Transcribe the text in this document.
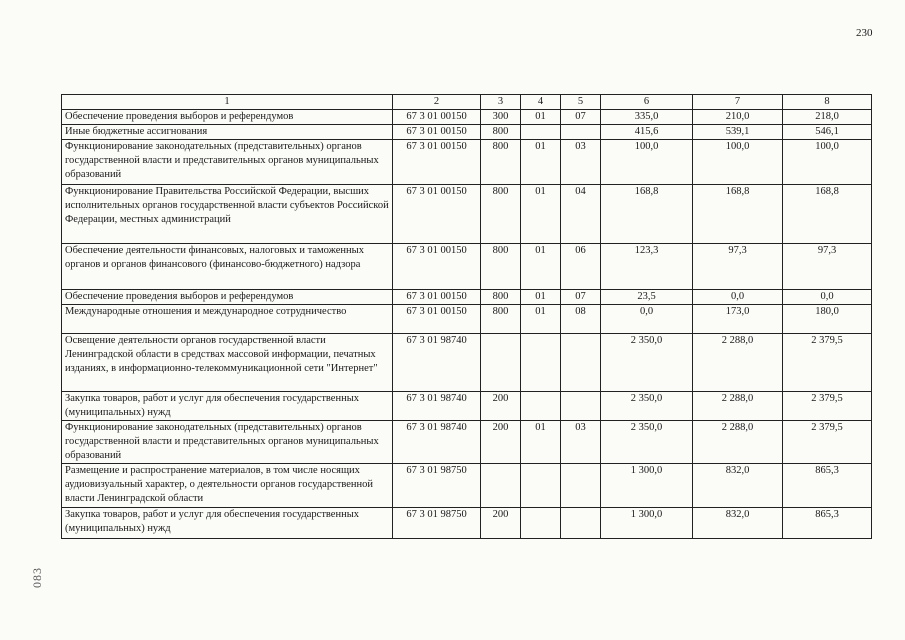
230
083
1	2	3	4	5	6	7	8
Обеспечение проведения выборов и референдумов	67 3 01 00150	300	01	07	335,0	210,0	218,0
Иные бюджетные ассигнования	67 3 01 00150	800			415,6	539,1	546,1
Функционирование законодательных (представительных) органов государственной власти и представительных органов муниципальных образований	67 3 01 00150	800	01	03	100,0	100,0	100,0
Функционирование Правительства Российской Федерации, высших исполнительных органов государственной власти субъектов Российской Федерации, местных администраций	67 3 01 00150	800	01	04	168,8	168,8	168,8
Обеспечение деятельности финансовых, налоговых и таможенных органов и органов финансового (финансово-бюджетного) надзора	67 3 01 00150	800	01	06	123,3	97,3	97,3
Обеспечение проведения выборов и референдумов	67 3 01 00150	800	01	07	23,5	0,0	0,0
Международные отношения и международное сотрудничество	67 3 01 00150	800	01	08	0,0	173,0	180,0
Освещение деятельности органов государственной власти Ленинградской области в средствах массовой информации, печатных изданиях, в информационно-телекоммуникационной сети "Интернет"	67 3 01 98740				2 350,0	2 288,0	2 379,5
Закупка товаров, работ и услуг для обеспечения государственных (муниципальных) нужд	67 3 01 98740	200			2 350,0	2 288,0	2 379,5
Функционирование законодательных (представительных) органов государственной власти и представительных органов муниципальных образований	67 3 01 98740	200	01	03	2 350,0	2 288,0	2 379,5
Размещение и распространение материалов, в том числе носящих аудиовизуальный характер, о деятельности органов государственной власти Ленинградской области	67 3 01 98750				1 300,0	832,0	865,3
Закупка товаров, работ и услуг для обеспечения государственных (муниципальных) нужд	67 3 01 98750	200			1 300,0	832,0	865,3
